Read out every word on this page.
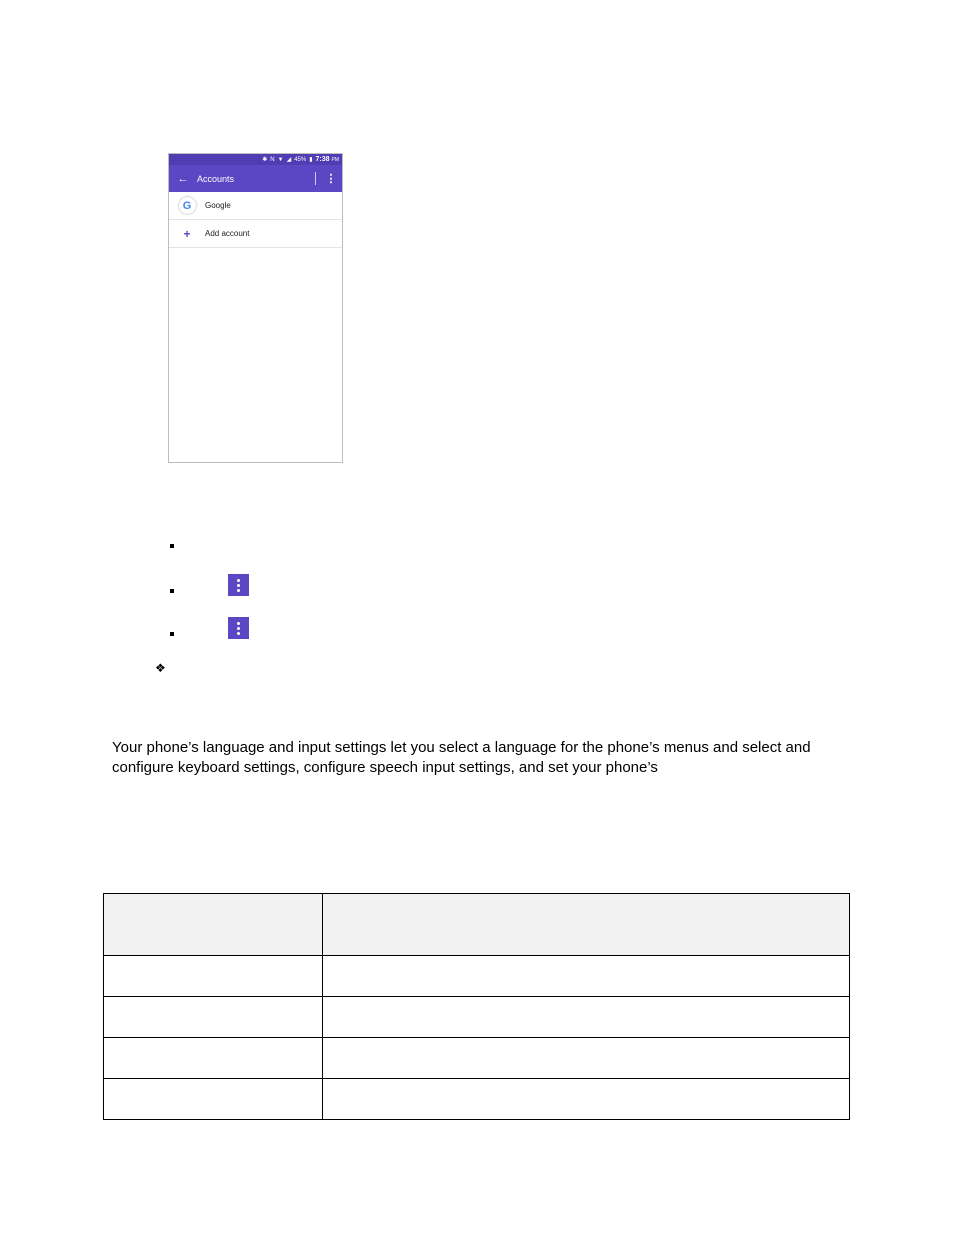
✱ N ▼ ◢ 45% ▮ 7:38 PM
← Accounts	⋮
G	Google
+ Add account
❖
Your phone’s language and input settings let you select a language for the phone’s menus and select and configure keyboard settings, configure speech input settings, and set your phone’s
